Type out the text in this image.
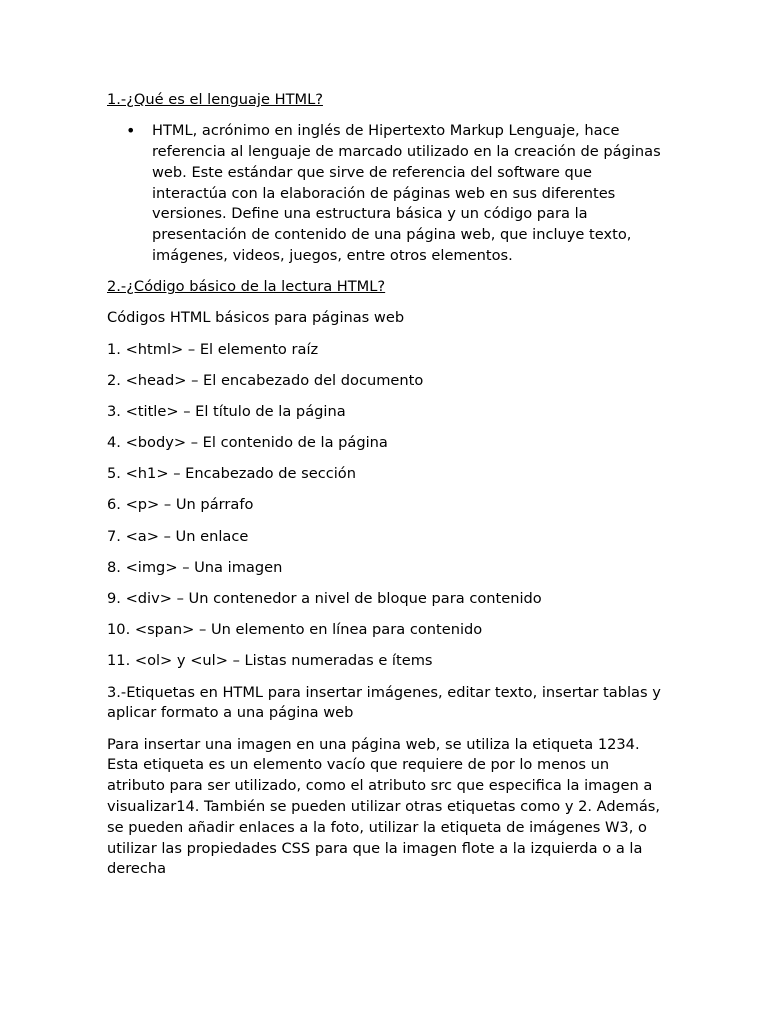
1.-¿Qué es el lenguaje HTML?

• HTML, acrónimo en inglés de Hipertexto Markup Lenguaje, hace referencia al lenguaje de marcado utilizado en la creación de páginas web. Este estándar que sirve de referencia del software que interactúa con la elaboración de páginas web en sus diferentes versiones. Define una estructura básica y un código para la presentación de contenido de una página web, que incluye texto, imágenes, videos, juegos, entre otros elementos.

2.-¿Código básico de la lectura HTML?

Códigos HTML básicos para páginas web

1. <html> – El elemento raíz
2. <head> – El encabezado del documento
3. <title> – El título de la página
4. <body> – El contenido de la página
5. <h1> – Encabezado de sección
6. <p> – Un párrafo
7. <a> – Un enlace
8. <img> – Una imagen
9. <div> – Un contenedor a nivel de bloque para contenido
10. <span> – Un elemento en línea para contenido
11. <ol> y <ul> – Listas numeradas e ítems

3.-Etiquetas en HTML para insertar imágenes, editar texto, insertar tablas y aplicar formato a una página web

Para insertar una imagen en una página web, se utiliza la etiqueta 1234. Esta etiqueta es un elemento vacío que requiere de por lo menos un atributo para ser utilizado, como el atributo src que especifica la imagen a visualizar14. También se pueden utilizar otras etiquetas como y 2. Además, se pueden añadir enlaces a la foto, utilizar la etiqueta de imágenes W3, o utilizar las propiedades CSS para que la imagen flote a la izquierda o a la derecha
